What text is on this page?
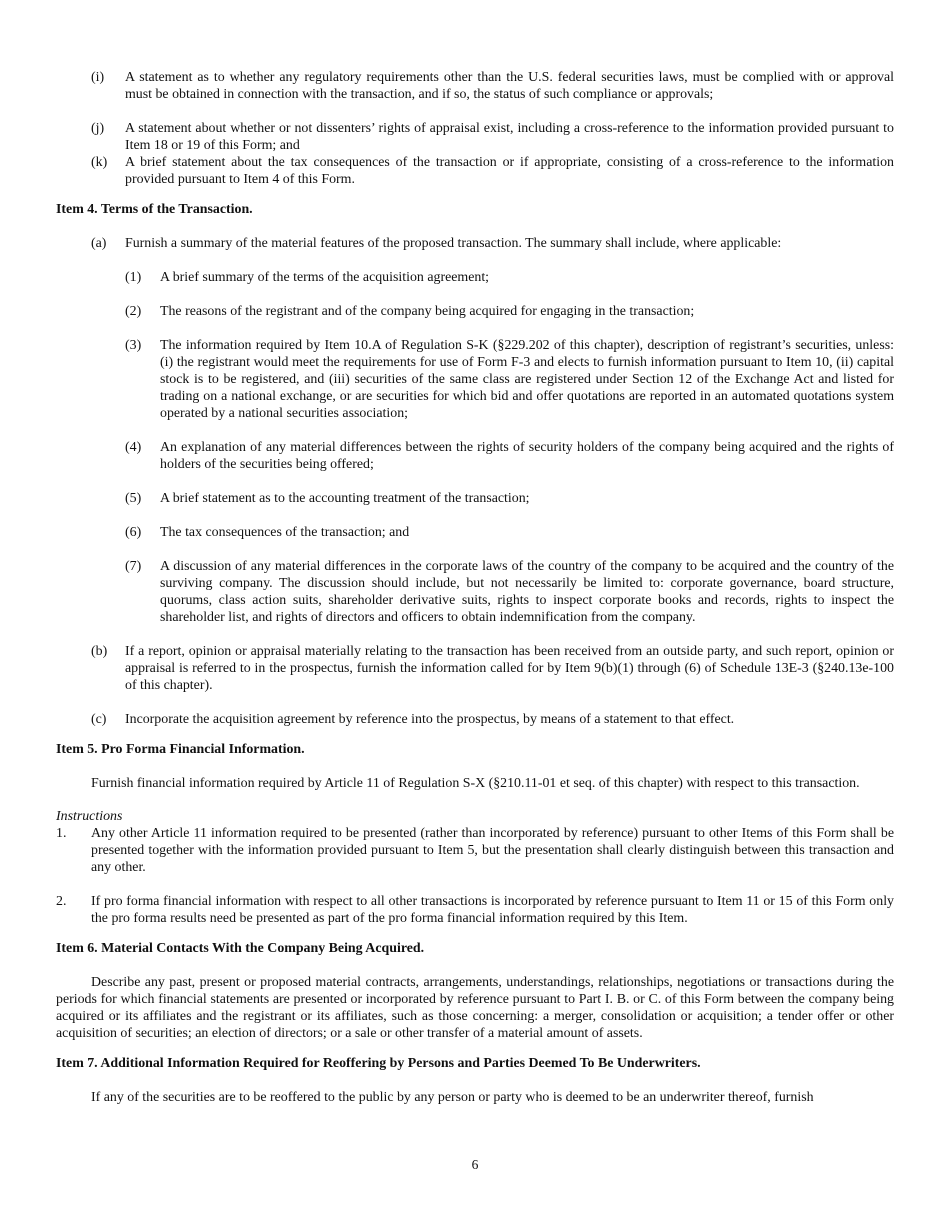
(i) A statement as to whether any regulatory requirements other than the U.S. federal securities laws, must be complied with or approval must be obtained in connection with the transaction, and if so, the status of such compliance or approvals;
(j) A statement about whether or not dissenters’ rights of appraisal exist, including a cross-reference to the information provided pursuant to Item 18 or 19 of this Form; and
(k) A brief statement about the tax consequences of the transaction or if appropriate, consisting of a cross-reference to the information provided pursuant to Item 4 of this Form.
Item 4. Terms of the Transaction.
(a) Furnish a summary of the material features of the proposed transaction. The summary shall include, where applicable:
(1) A brief summary of the terms of the acquisition agreement;
(2) The reasons of the registrant and of the company being acquired for engaging in the transaction;
(3) The information required by Item 10.A of Regulation S-K (§229.202 of this chapter), description of registrant’s securities, unless: (i) the registrant would meet the requirements for use of Form F-3 and elects to furnish information pursuant to Item 10, (ii) capital stock is to be registered, and (iii) securities of the same class are registered under Section 12 of the Exchange Act and listed for trading on a national exchange, or are securities for which bid and offer quotations are reported in an automated quotations system operated by a national securities association;
(4) An explanation of any material differences between the rights of security holders of the company being acquired and the rights of holders of the securities being offered;
(5) A brief statement as to the accounting treatment of the transaction;
(6) The tax consequences of the transaction; and
(7) A discussion of any material differences in the corporate laws of the country of the company to be acquired and the country of the surviving company. The discussion should include, but not necessarily be limited to: corporate governance, board structure, quorums, class action suits, shareholder derivative suits, rights to inspect corporate books and records, rights to inspect the shareholder list, and rights of directors and officers to obtain indemnification from the company.
(b) If a report, opinion or appraisal materially relating to the transaction has been received from an outside party, and such report, opinion or appraisal is referred to in the prospectus, furnish the information called for by Item 9(b)(1) through (6) of Schedule 13E-3 (§240.13e-100 of this chapter).
(c) Incorporate the acquisition agreement by reference into the prospectus, by means of a statement to that effect.
Item 5. Pro Forma Financial Information.
Furnish financial information required by Article 11 of Regulation S-X (§210.11-01 et seq. of this chapter) with respect to this transaction.
Instructions
1. Any other Article 11 information required to be presented (rather than incorporated by reference) pursuant to other Items of this Form shall be presented together with the information provided pursuant to Item 5, but the presentation shall clearly distinguish between this transaction and any other.
2. If pro forma financial information with respect to all other transactions is incorporated by reference pursuant to Item 11 or 15 of this Form only the pro forma results need be presented as part of the pro forma financial information required by this Item.
Item 6. Material Contacts With the Company Being Acquired.
Describe any past, present or proposed material contracts, arrangements, understandings, relationships, negotiations or transactions during the periods for which financial statements are presented or incorporated by reference pursuant to Part I. B. or C. of this Form between the company being acquired or its affiliates and the registrant or its affiliates, such as those concerning: a merger, consolidation or acquisition; a tender offer or other acquisition of securities; an election of directors; or a sale or other transfer of a material amount of assets.
Item 7. Additional Information Required for Reoffering by Persons and Parties Deemed To Be Underwriters.
If any of the securities are to be reoffered to the public by any person or party who is deemed to be an underwriter thereof, furnish
6
